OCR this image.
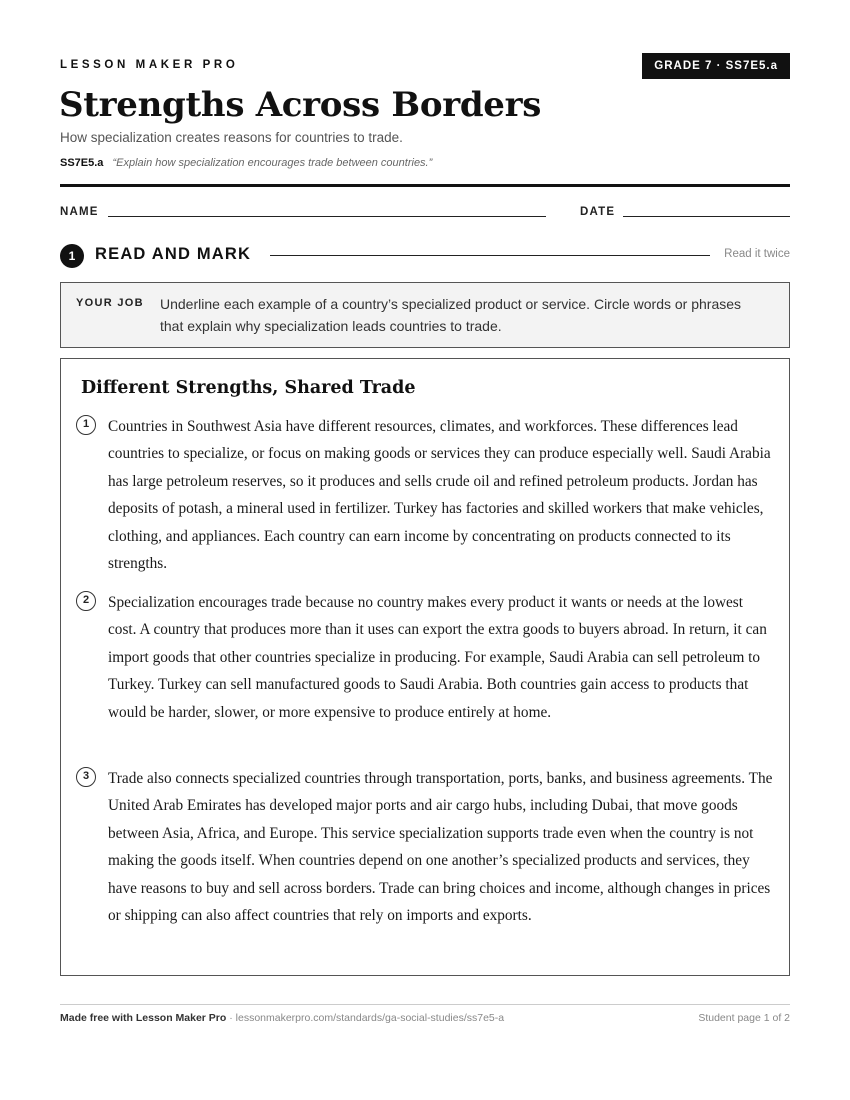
LESSON MAKER PRO	GRADE 7 · SS7E5.a
Strengths Across Borders
How specialization creates reasons for countries to trade.
SS7E5.a “Explain how specialization encourages trade between countries.”
NAME	DATE
1	READ AND MARK	Read it twice
YOUR JOB Underline each example of a country’s specialized product or service. Circle words or phrases that explain why specialization leads countries to trade.
Different Strengths, Shared Trade
1	Countries in Southwest Asia have different resources, climates, and workforces. These differences lead countries to specialize, or focus on making goods or services they can produce especially well. Saudi Arabia has large petroleum reserves, so it produces and sells crude oil and refined petroleum products. Jordan has deposits of potash, a mineral used in fertilizer. Turkey has factories and skilled workers that make vehicles, clothing, and appliances. Each country can earn income by concentrating on products connected to its strengths.
2	Specialization encourages trade because no country makes every product it wants or needs at the lowest cost. A country that produces more than it uses can export the extra goods to buyers abroad. In return, it can import goods that other countries specialize in producing. For example, Saudi Arabia can sell petroleum to Turkey. Turkey can sell manufactured goods to Saudi Arabia. Both countries gain access to products that would be harder, slower, or more expensive to produce entirely at home.
3	Trade also connects specialized countries through transportation, ports, banks, and business agreements. The United Arab Emirates has developed major ports and air cargo hubs, including Dubai, that move goods between Asia, Africa, and Europe. This service specialization supports trade even when the country is not making the goods itself. When countries depend on one another’s specialized products and services, they have reasons to buy and sell across borders. Trade can bring choices and income, although changes in prices or shipping can also affect countries that rely on imports and exports.
Made free with Lesson Maker Pro · lessonmakerpro.com/standards/ga-social-studies/ss7e5-a	Student page 1 of 2
